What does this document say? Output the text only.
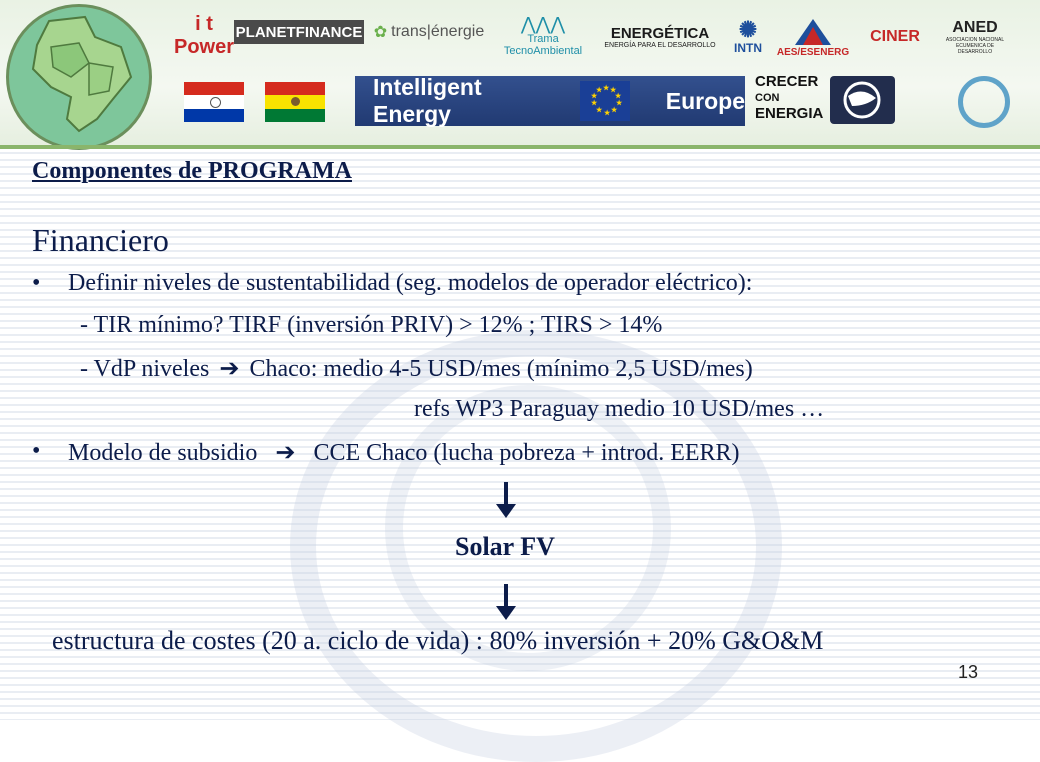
i t Power
PLANETFINANCE ✿ trans|énergie ⋀⋀⋀
Trama TecnoAmbiental
ENERGÉTICA
ENERGÍA PARA EL DESARROLLO
✺
INTN AES/ESENERG
CINER
ANED
ASOCIACION NACIONAL ECUMENICA DE DESARROLLO
Intelligent Energy
★ ★
★
★
★
★
★
★
★
★	Europe
CRECER
CON
ENERGIA
Componentes de PROGRAMA
Financiero
• Definir niveles de sustentabilidad (seg. modelos de operador eléctrico):
- TIR mínimo? TIRF (inversión PRIV) > 12% ; TIRS > 14%
- VdP niveles ➔ Chaco: medio 4-5 USD/mes (mínimo 2,5 USD/mes)
refs WP3 Paraguay medio 10 USD/mes …
• Modelo de subsidio ➔ CCE Chaco (lucha pobreza + introd. EERR)
Solar FV
estructura de costes (20 a. ciclo de vida) : 80% inversión + 20% G&O&M
13
